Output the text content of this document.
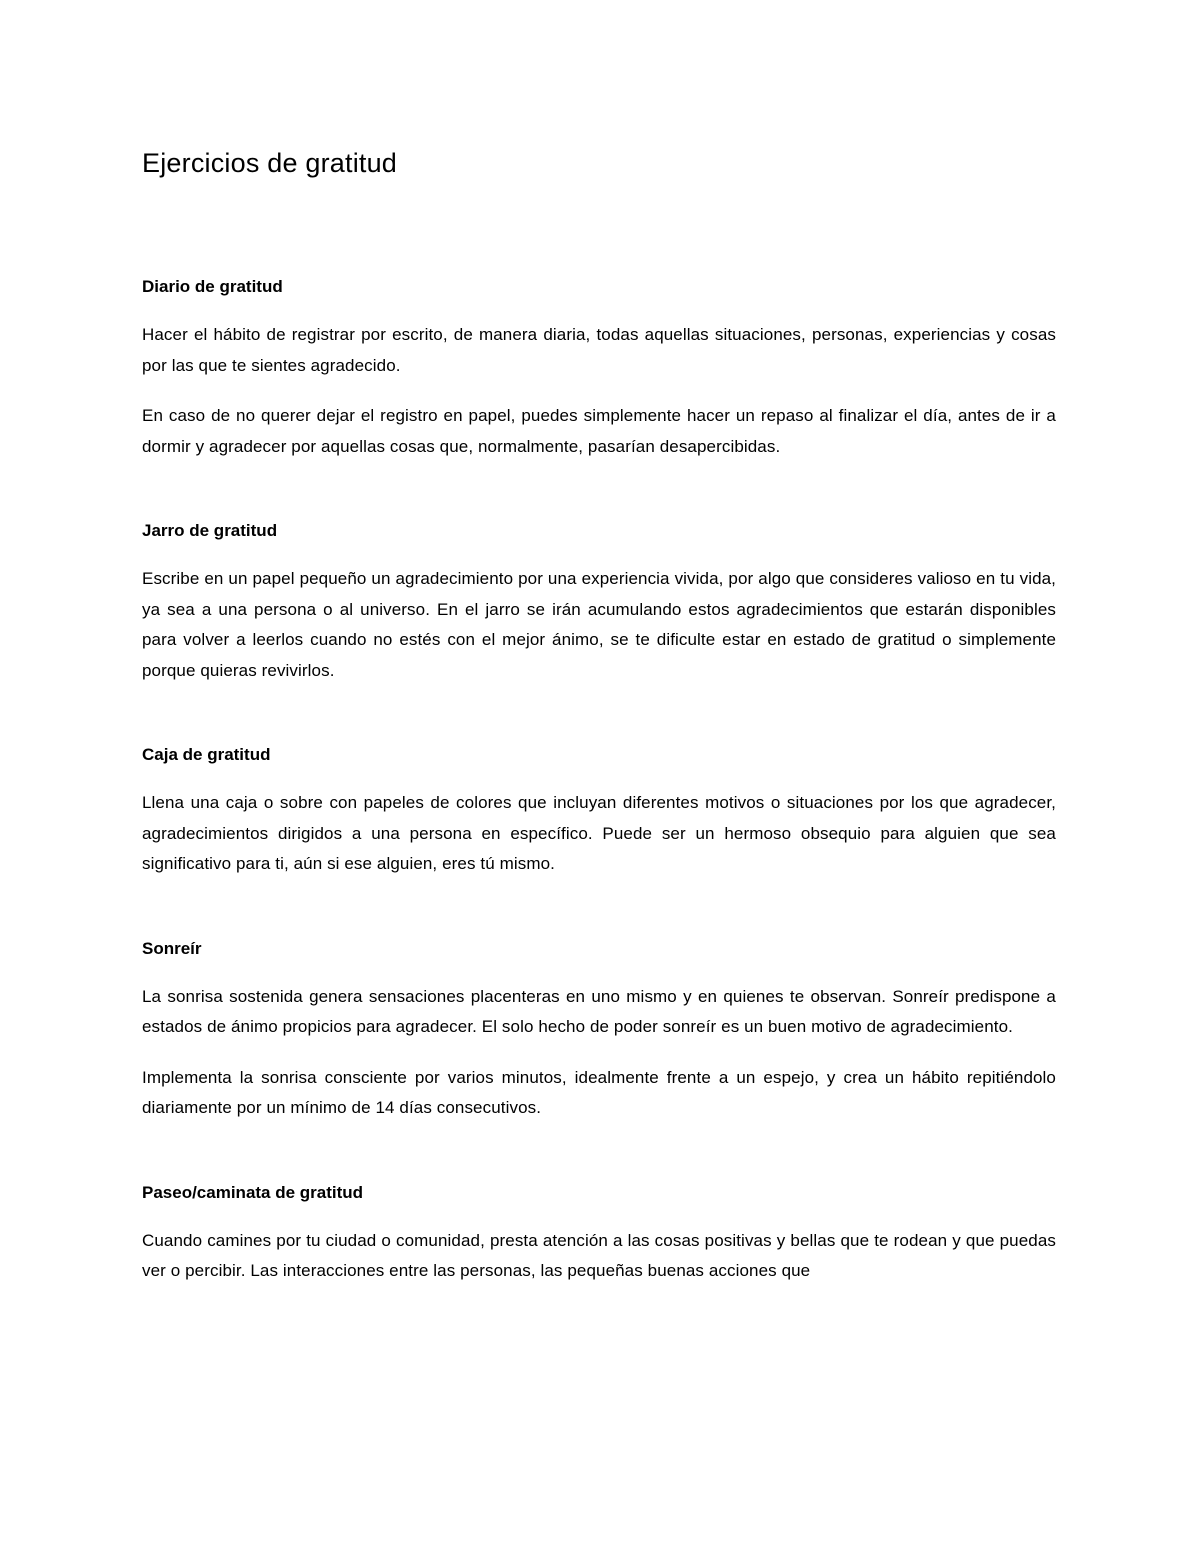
Ejercicios de gratitud
Diario de gratitud

Hacer el hábito de registrar por escrito, de manera diaria, todas aquellas situaciones, personas, experiencias y cosas por las que te sientes agradecido.

En caso de no querer dejar el registro en papel, puedes simplemente hacer un repaso al finalizar el día, antes de ir a dormir y agradecer por aquellas cosas que, normalmente, pasarían desapercibidas.

Jarro de gratitud

Escribe en un papel pequeño un agradecimiento por una experiencia vivida, por algo que consideres valioso en tu vida, ya sea a una persona o al universo. En el jarro se irán acumulando estos agradecimientos que estarán disponibles para volver a leerlos cuando no estés con el mejor ánimo, se te dificulte estar en estado de gratitud o simplemente porque quieras revivirlos.

Caja de gratitud

Llena una caja o sobre con papeles de colores que incluyan diferentes motivos o situaciones por los que agradecer, agradecimientos dirigidos a una persona en específico. Puede ser un hermoso obsequio para alguien que sea significativo para ti, aún si ese alguien, eres tú mismo.

Sonreír

La sonrisa sostenida genera sensaciones placenteras en uno mismo y en quienes te observan. Sonreír predispone a estados de ánimo propicios para agradecer. El solo hecho de poder sonreír es un buen motivo de agradecimiento.

Implementa la sonrisa consciente por varios minutos, idealmente frente a un espejo, y crea un hábito repitiéndolo diariamente por un mínimo de 14 días consecutivos.

Paseo/caminata de gratitud

Cuando camines por tu ciudad o comunidad, presta atención a las cosas positivas y bellas que te rodean y que puedas ver o percibir. Las interacciones entre las personas, las pequeñas buenas acciones que
